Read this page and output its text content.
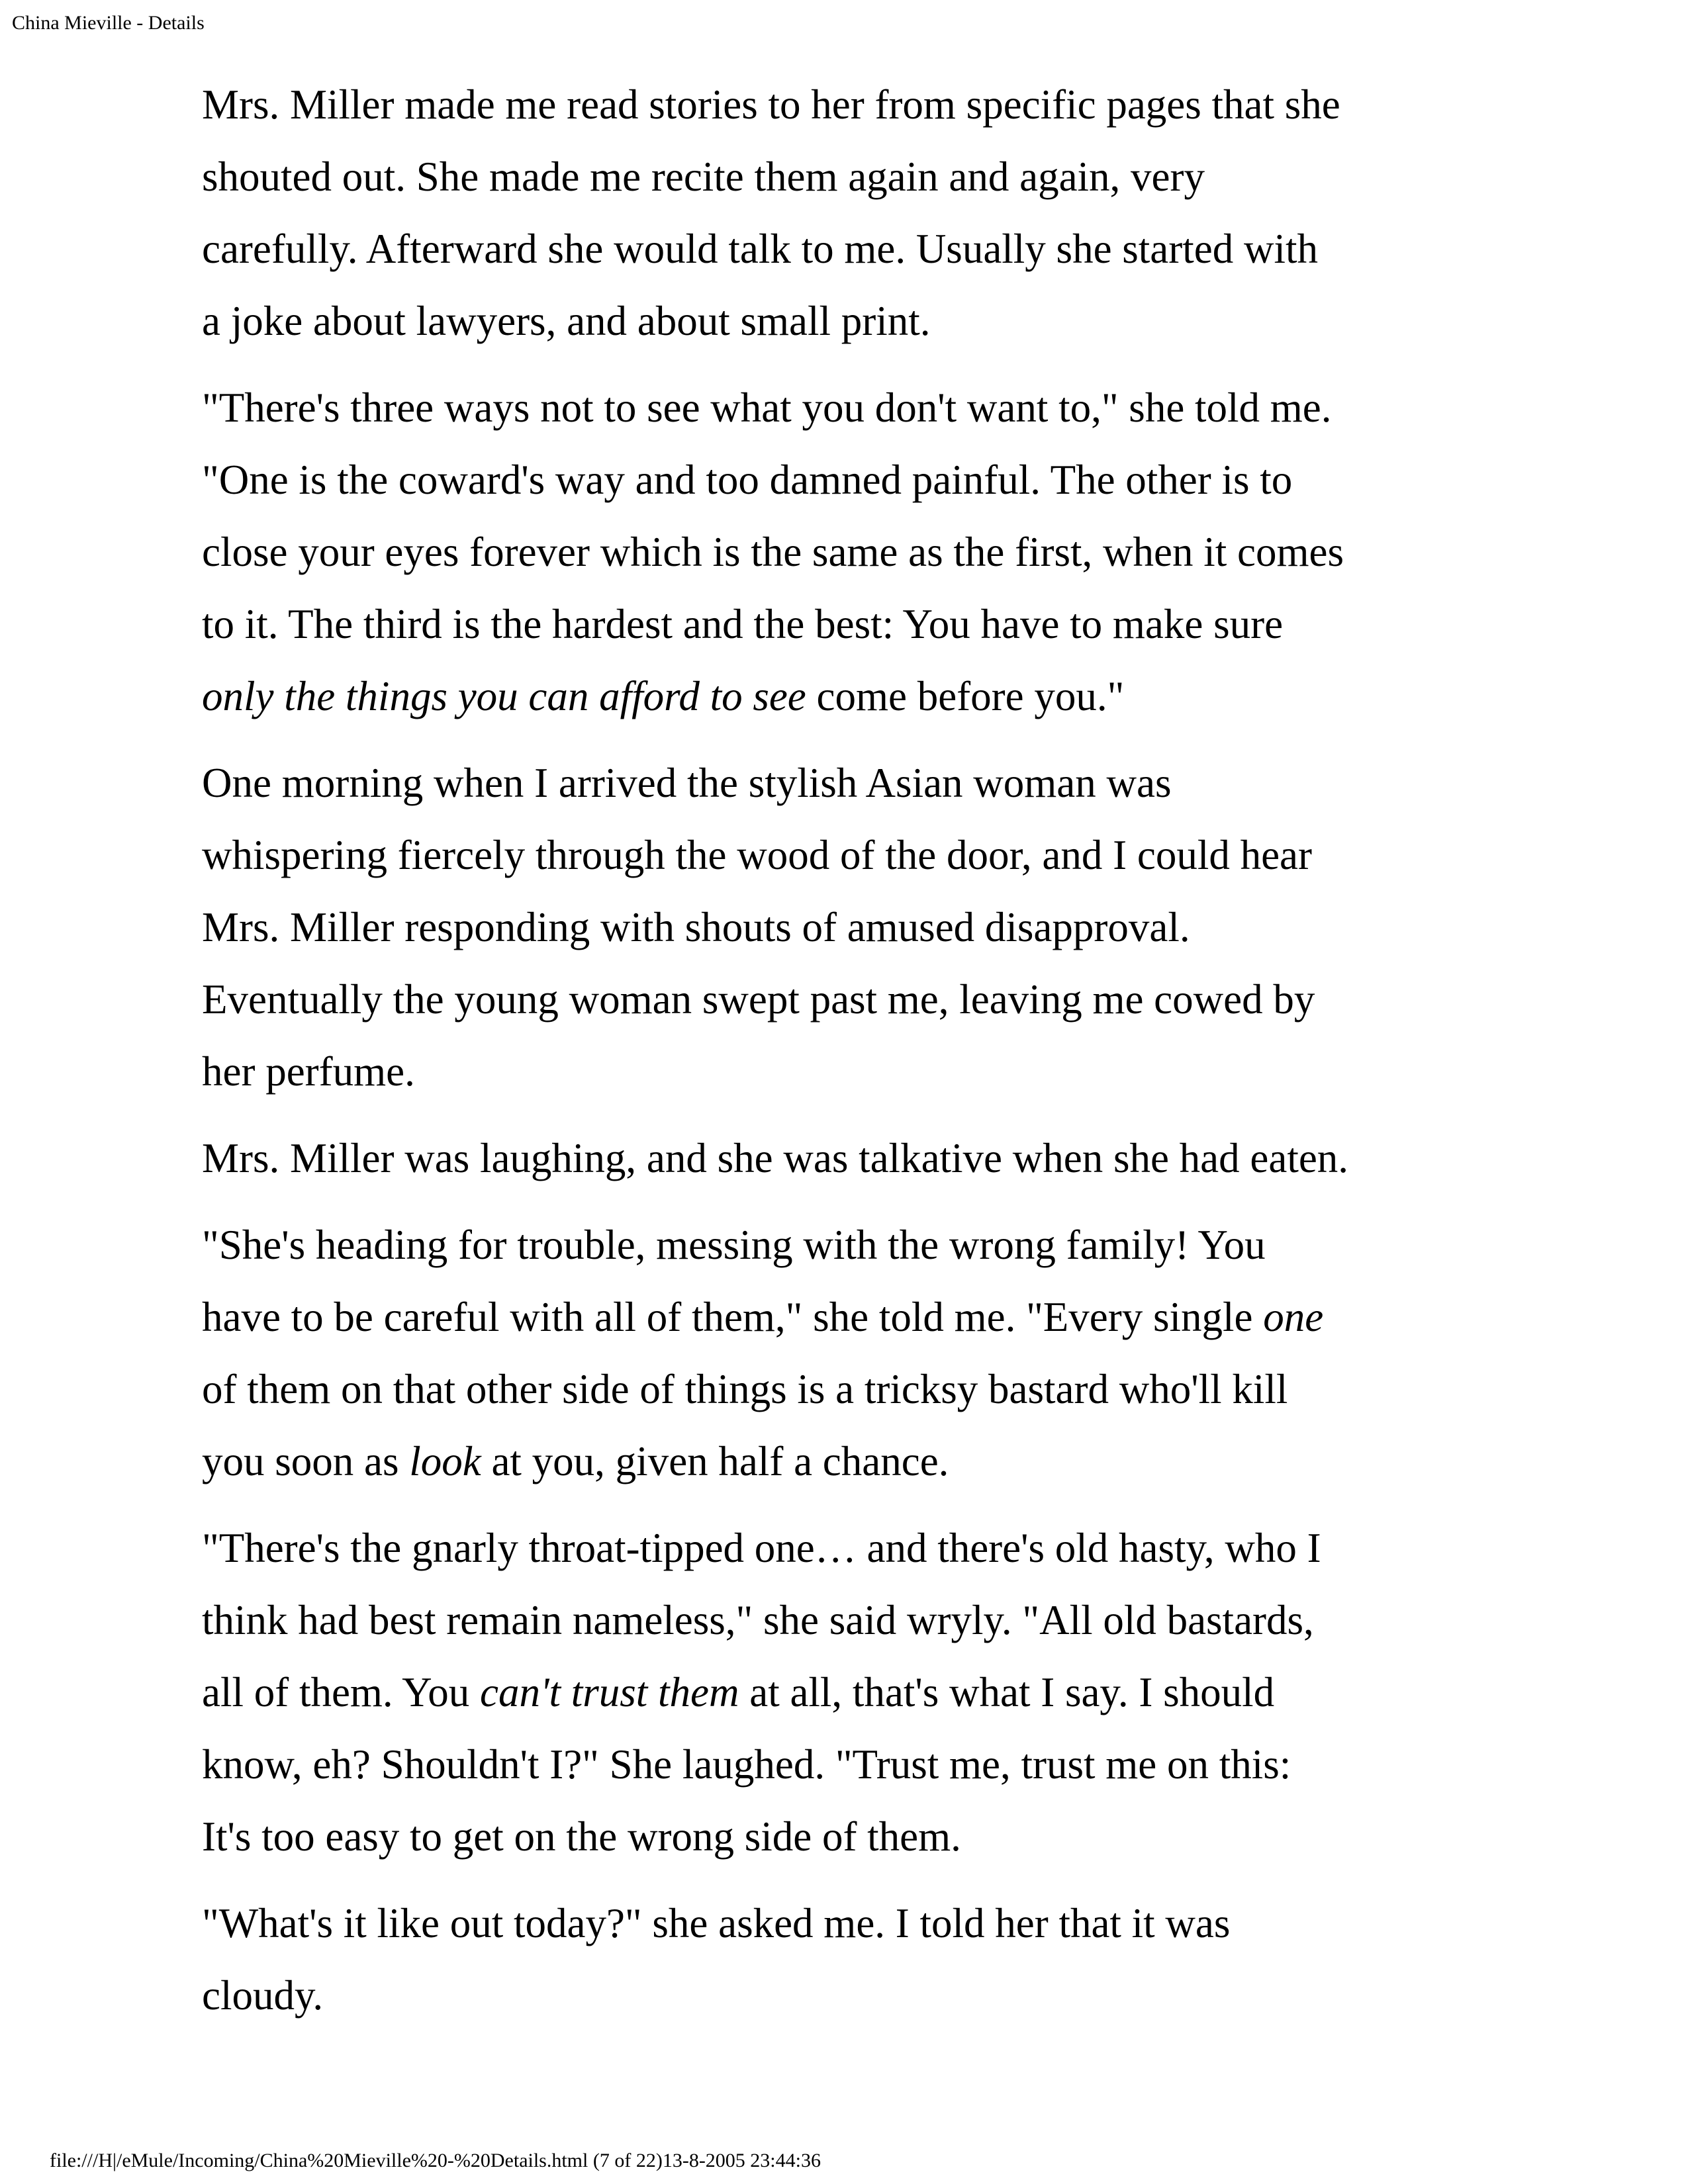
China Mieville - Details

Mrs. Miller made me read stories to her from specific pages that she
shouted out. She made me recite them again and again, very
carefully. Afterward she would talk to me. Usually she started with
a joke about lawyers, and about small print.

"There's three ways not to see what you don't want to," she told me.
"One is the coward's way and too damned painful. The other is to
close your eyes forever which is the same as the first, when it comes
to it. The third is the hardest and the best: You have to make sure
only the things you can afford to see come before you."

One morning when I arrived the stylish Asian woman was
whispering fiercely through the wood of the door, and I could hear
Mrs. Miller responding with shouts of amused disapproval.
Eventually the young woman swept past me, leaving me cowed by
her perfume.

Mrs. Miller was laughing, and she was talkative when she had eaten.

"She's heading for trouble, messing with the wrong family! You
have to be careful with all of them," she told me. "Every single one
of them on that other side of things is a tricksy bastard who'll kill
you soon as look at you, given half a chance.

"There's the gnarly throat-tipped one… and there's old hasty, who I
think had best remain nameless," she said wryly. "All old bastards,
all of them. You can't trust them at all, that's what I say. I should
know, eh? Shouldn't I?" She laughed. "Trust me, trust me on this:
It's too easy to get on the wrong side of them.

"What's it like out today?" she asked me. I told her that it was
cloudy.

file:///H|/eMule/Incoming/China%20Mieville%20-%20Details.html (7 of 22)13-8-2005 23:44:36
